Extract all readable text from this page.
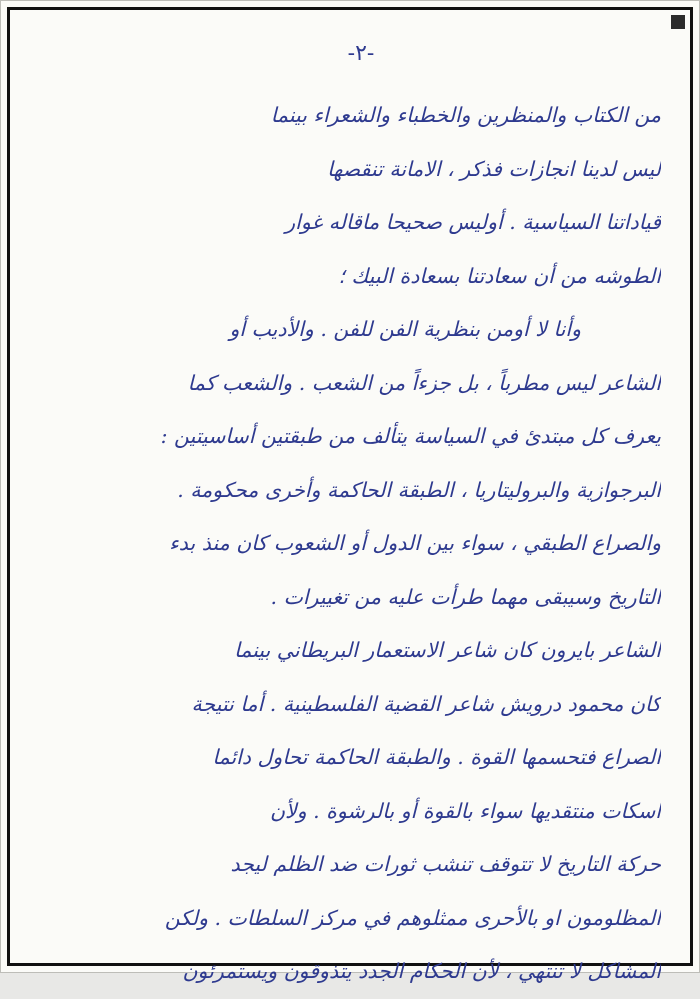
-٢-
من الكتاب والمنظرين والخطباء والشعراء بينما
ليس لدينا انجازات فذكر ، الامانة تنقصها
قياداتنا السياسية . أوليس صحيحا ماقاله غوار
الطوشه من أن سعادتنا بسعادة البيك ؛
وأنا لا أومن بنظرية الفن للفن . والأديب أو
الشاعر ليس مطرباً ، بل جزءاً من الشعب . والشعب كما
يعرف كل مبتدئ في السياسة يتألف من طبقتين أساسيتين :
البرجوازية والبروليتاريا ، الطبقة الحاكمة وأخرى محكومة .
والصراع الطبقي ، سواء بين الدول أو الشعوب كان منذ بدء
التاريخ وسيبقى مهما طرأت عليه من تغييرات .
الشاعر بايرون كان شاعر الاستعمار البريطاني بينما
كان محمود درويش شاعر القضية الفلسطينية . أما نتيجة
الصراع فتحسمها القوة . والطبقة الحاكمة تحاول دائما
اسكات منتقديها سواء بالقوة أو بالرشوة . ولأن
حركة التاريخ لا تتوقف تنشب ثورات ضد الظلم ليجد
المظلومون او بالأحرى ممثلوهم في مركز السلطات . ولكن
المشاكل لا تنتهي ، لأن الحكام الجدد يتذوقون ويستمرئون
